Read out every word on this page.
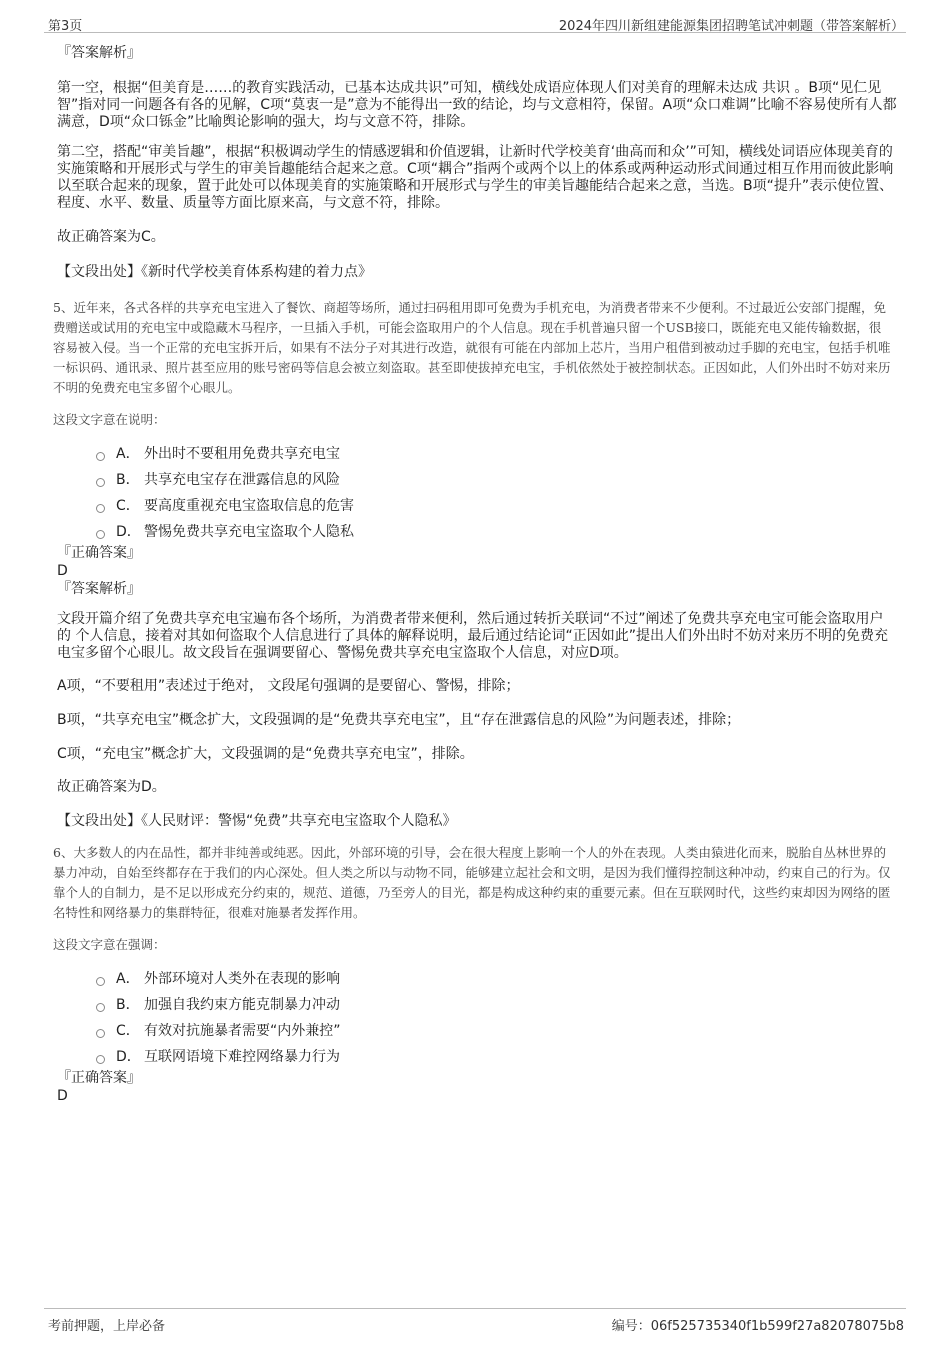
第3页	2024年四川新组建能源集团招聘笔试冲刺题（带答案解析）

『答案解析』

第一空，根据“但美育是……的教育实践活动，已基本达成共识”可知，横线处成语应体现人们对美育的理解未达成 共识 。B项“见仁见智”指对同一问题各有各的见解，C项“莫衷一是”意为不能得出一致的结论，均与文意相符，保留。A项“众口难调”比喻不容易使所有人都满意，D项“众口铄金”比喻舆论影响的强大，均与文意不符，排除。

第二空，搭配“审美旨趣”，根据“积极调动学生的情感逻辑和价值逻辑，让新时代学校美育‘曲高而和众’”可知，横线处词语应体现美育的实施策略和开展形式与学生的审美旨趣能结合起来之意。C项“耦合”指两个或两个以上的体系或两种运动形式间通过相互作用而彼此影响以至联合起来的现象，置于此处可以体现美育的实施策略和开展形式与学生的审美旨趣能结合起来之意，当选。B项“提升”表示使位置、程度、水平、数量、质量等方面比原来高，与文意不符，排除。

故正确答案为C。

【文段出处】《新时代学校美育体系构建的着力点》

5、近年来，各式各样的共享充电宝进入了餐饮、商超等场所，通过扫码租用即可免费为手机充电，为消费者带来不少便利。不过最近公安部门提醒，免费赠送或试用的充电宝中或隐藏木马程序，一旦插入手机，可能会盗取用户的个人信息。现在手机普遍只留一个USB接口，既能充电又能传输数据，很容易被入侵。当一个正常的充电宝拆开后，如果有不法分子对其进行改造，就很有可能在内部加上芯片，当用户租借到被动过手脚的充电宝，包括手机唯一标识码、通讯录、照片甚至应用的账号密码等信息会被立刻盗取。甚至即使拔掉充电宝，手机依然处于被控制状态。正因如此，人们外出时不妨对来历不明的免费充电宝多留个心眼儿。

这段文字意在说明：

A． 外出时不要租用免费共享充电宝
B． 共享充电宝存在泄露信息的风险
C． 要高度重视充电宝盗取信息的危害
D． 警惕免费共享充电宝盗取个人隐私

『正确答案』

D

『答案解析』

文段开篇介绍了免费共享充电宝遍布各个场所，为消费者带来便利，然后通过转折关联词“不过”阐述了免费共享充电宝可能会盗取用户 的 个人信息，接着对其如何盗取个人信息进行了具体的解释说明，最后通过结论词“正因如此”提出人们外出时不妨对来历不明的免费充电宝多留个心眼儿。故文段旨在强调要留心、警惕免费共享充电宝盗取个人信息，对应D项。

A项，“不要租用”表述过于绝对， 文段尾句强调的是要留心、警惕，排除；

B项，“共享充电宝”概念扩大，文段强调的是“免费共享充电宝”，且“存在泄露信息的风险”为问题表述，排除；

C项，“充电宝”概念扩大，文段强调的是“免费共享充电宝”，排除。

故正确答案为D。

【文段出处】《人民财评：警惕“免费”共享充电宝盗取个人隐私》

6、大多数人的内在品性，都并非纯善或纯恶。因此，外部环境的引导，会在很大程度上影响一个人的外在表现。人类由猿进化而来，脱胎自丛林世界的暴力冲动，自始至终都存在于我们的内心深处。但人类之所以与动物不同，能够建立起社会和文明，是因为我们懂得控制这种冲动，约束自己的行为。仅靠个人的自制力，是不足以形成充分约束的，规范、道德，乃至旁人的目光，都是构成这种约束的重要元素。但在互联网时代，这些约束却因为网络的匿名特性和网络暴力的集群特征，很难对施暴者发挥作用。

这段文字意在强调：

A． 外部环境对人类外在表现的影响
B． 加强自我约束方能克制暴力冲动
C． 有效对抗施暴者需要“内外兼控”
D． 互联网语境下难控网络暴力行为

『正确答案』

D

考前押题，上岸必备	编号：06f525735340f1b599f27a82078075b8
